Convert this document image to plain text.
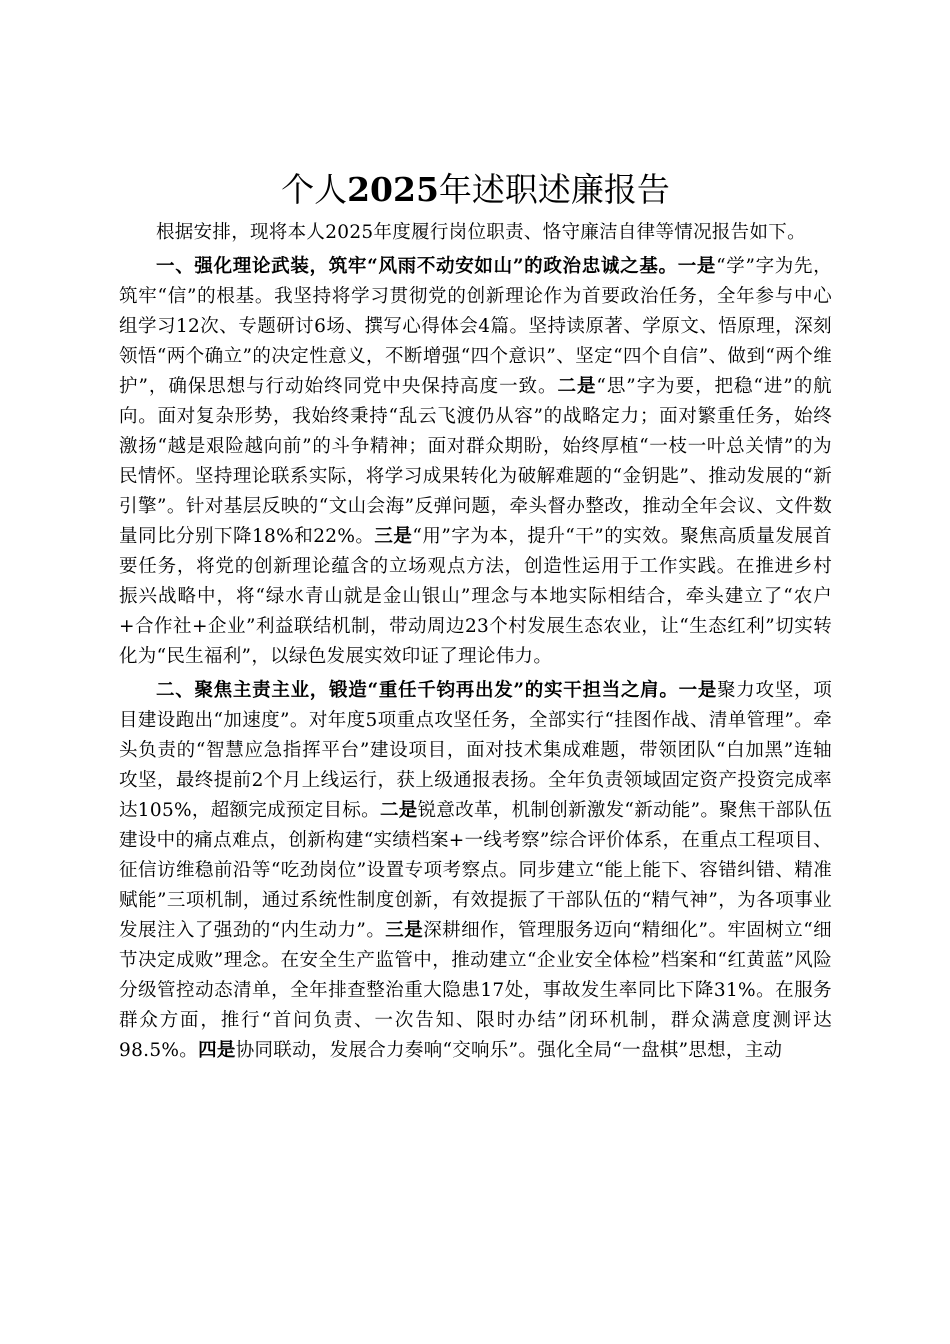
个人2025年述职述廉报告

根据安排，现将本人2025年度履行岗位职责、恪守廉洁自律等情况报告如下。

一、强化理论武装，筑牢“风雨不动安如山”的政治忠诚之基。一是“学”字为先，筑牢“信”的根基。我坚持将学习贯彻党的创新理论作为首要政治任务，全年参与中心组学习12次、专题研讨6场、撰写心得体会4篇。坚持读原著、学原文、悟原理，深刻领悟“两个确立”的决定性意义，不断增强“四个意识”、坚定“四个自信”、做到“两个维护”，确保思想与行动始终同党中央保持高度一致。二是“思”字为要，把稳“进”的航向。面对复杂形势，我始终秉持“乱云飞渡仍从容”的战略定力；面对繁重任务，始终激扬“越是艰险越向前”的斗争精神；面对群众期盼，始终厚植“一枝一叶总关情”的为民情怀。坚持理论联系实际，将学习成果转化为破解难题的“金钥匙”、推动发展的“新引擎”。针对基层反映的“文山会海”反弹问题，牵头督办整改，推动全年会议、文件数量同比分别下降18%和22%。三是“用”字为本，提升“干”的实效。聚焦高质量发展首要任务，将党的创新理论蕴含的立场观点方法，创造性运用于工作实践。在推进乡村振兴战略中，将“绿水青山就是金山银山”理念与本地实际相结合，牵头建立了“农户+合作社+企业”利益联结机制，带动周边23个村发展生态农业，让“生态红利”切实转化为“民生福利”，以绿色发展实效印证了理论伟力。

二、聚焦主责主业，锻造“重任千钧再出发”的实干担当之肩。一是聚力攻坚，项目建设跑出“加速度”。对年度5项重点攻坚任务，全部实行“挂图作战、清单管理”。牵头负责的“智慧应急指挥平台”建设项目，面对技术集成难题，带领团队“白加黑”连轴攻坚，最终提前2个月上线运行，获上级通报表扬。全年负责领域固定资产投资完成率达105%，超额完成预定目标。二是锐意改革，机制创新激发“新动能”。聚焦干部队伍建设中的痛点难点，创新构建“实绩档案+一线考察”综合评价体系，在重点工程项目、征信访维稳前沿等“吃劲岗位”设置专项考察点。同步建立“能上能下、容错纠错、精准赋能”三项机制，通过系统性制度创新，有效提振了干部队伍的“精气神”，为各项事业发展注入了强劲的“内生动力”。三是深耕细作，管理服务迈向“精细化”。牢固树立“细节决定成败”理念。在安全生产监管中，推动建立“企业安全体检”档案和“红黄蓝”风险分级管控动态清单，全年排查整治重大隐患17处，事故发生率同比下降31%。在服务群众方面，推行“首问负责、一次告知、限时办结”闭环机制，群众满意度测评达98.5%。四是协同联动，发展合力奏响“交响乐”。强化全局“一盘棋”思想，主动
